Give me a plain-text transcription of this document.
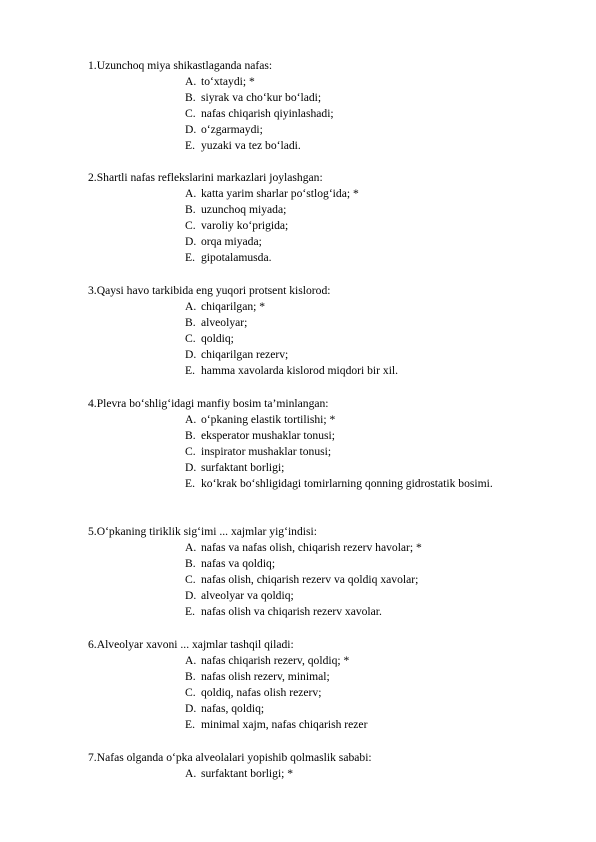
1.Uzunchoq miya shikastlaganda nafas:
A. to‘xtaydi; *
B. siyrak va cho‘kur bo‘ladi;
C. nafas chiqarish qiyinlashadi;
D. o‘zgarmaydi;
E. yuzaki va tez bo‘ladi.
2.Shartli nafas reflekslarini markazlari joylashgan:
A. katta yarim sharlar po‘stlog‘ida; *
B. uzunchoq miyada;
C. varoliy ko‘prigida;
D. orqa miyada;
E. gipotalamusda.
3.Qaysi havo tarkibida eng yuqori protsent kislorod:
A. chiqarilgan; *
B. alveolyar;
C. qoldiq;
D. chiqarilgan rezerv;
E. hamma xavolarda kislorod miqdori bir xil.
4.Plevra bo‘shlig‘idagi manfiy bosim ta’minlangan:
A. o‘pkaning elastik tortilishi; *
B. eksperator mushaklar tonusi;
C. inspirator mushaklar tonusi;
D. surfaktant borligi;
E. ko‘krak bo‘shligidagi tomirlarning qonning gidrostatik bosimi.
5.O‘pkaning tiriklik sig‘imi ... xajmlar yig‘indisi:
A. nafas va nafas olish, chiqarish rezerv havolar; *
B. nafas va qoldiq;
C. nafas olish, chiqarish rezerv va qoldiq xavolar;
D. alveolyar va qoldiq;
E. nafas olish va chiqarish rezerv xavolar.
6.Alveolyar xavoni ... xajmlar tashqil qiladi:
A. nafas chiqarish rezerv, qoldiq; *
B. nafas olish rezerv, minimal;
C. qoldiq, nafas olish rezerv;
D. nafas, qoldiq;
E. minimal xajm, nafas chiqarish rezer
7.Nafas olganda o‘pka alveolalari yopishib qolmaslik sababi:
A. surfaktant borligi; *
